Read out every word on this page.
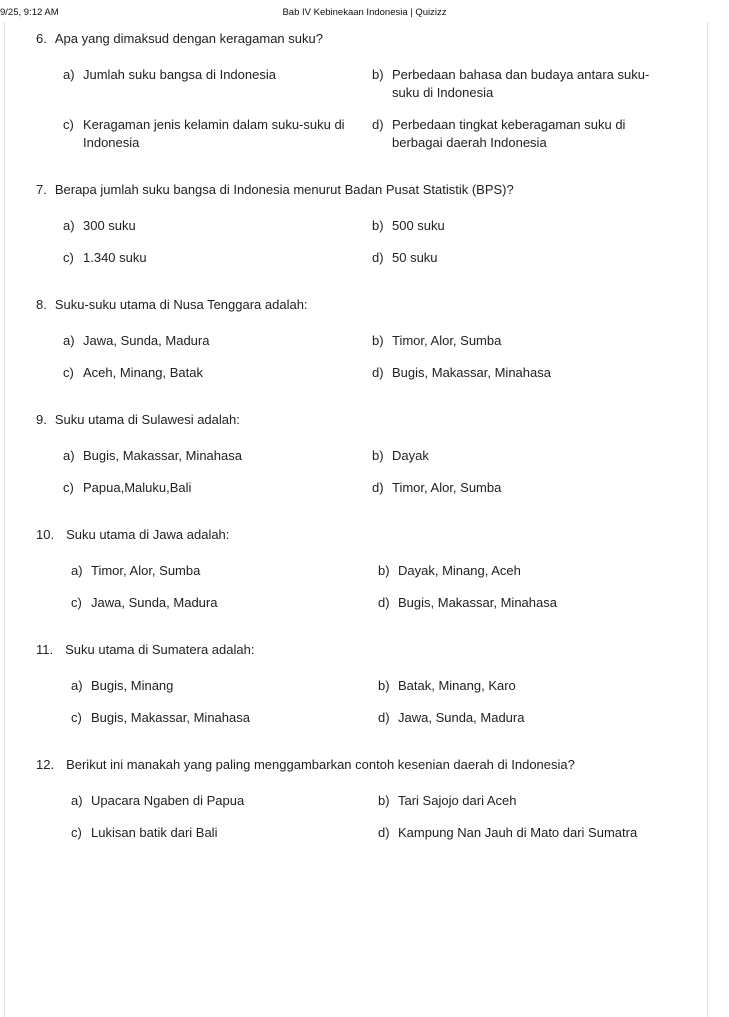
9/25, 9:12 AM	Bab IV Kebinekaan Indonesia | Quizizz
6. Apa yang dimaksud dengan keragaman suku?
a) Jumlah suku bangsa di Indonesia	b) Perbedaan bahasa dan budaya antara suku-suku di Indonesia
c) Keragaman jenis kelamin dalam suku-suku di Indonesia
d) Perbedaan tingkat keberagaman suku di berbagai daerah Indonesia
7. Berapa jumlah suku bangsa di Indonesia menurut Badan Pusat Statistik (BPS)?
a) 300 suku	b) 500 suku
c) 1.340 suku	d) 50 suku
8. Suku-suku utama di Nusa Tenggara adalah:
a) Jawa, Sunda, Madura	b) Timor, Alor, Sumba
c) Aceh, Minang, Batak	d) Bugis, Makassar, Minahasa
9. Suku utama di Sulawesi adalah:
a) Bugis, Makassar, Minahasa	b) Dayak
c) Papua,Maluku,Bali	d) Timor, Alor, Sumba
10. Suku utama di Jawa adalah:
a) Timor, Alor, Sumba	b) Dayak, Minang, Aceh
c) Jawa, Sunda, Madura	d) Bugis, Makassar, Minahasa
11. Suku utama di Sumatera adalah:
a) Bugis, Minang	b) Batak, Minang, Karo
c) Bugis, Makassar, Minahasa	d) Jawa, Sunda, Madura
12. Berikut ini manakah yang paling menggambarkan contoh kesenian daerah di Indonesia?
a) Upacara Ngaben di Papua	b) Tari Sajojo dari Aceh
c) Lukisan batik dari Bali	d) Kampung Nan Jauh di Mato dari Sumatra
